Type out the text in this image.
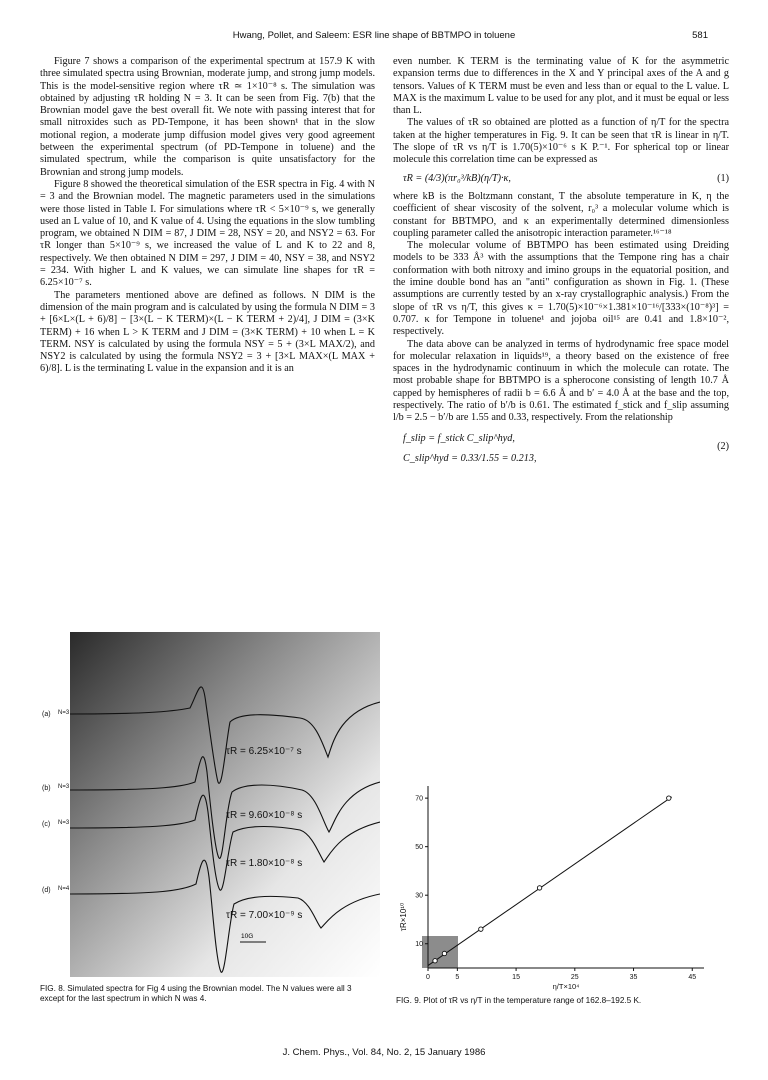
Hwang, Pollet, and Saleem: ESR line shape of BBTMPO in toluene	581

Figure 7 shows a comparison of the experimental spectrum at 157.9 K with three simulated spectra using Brownian, moderate jump, and strong jump models. This is the model-sensitive region where τR ≃ 1×10⁻⁸ s. The simulation was obtained by adjusting τR holding N = 3. It can be seen from Fig. 7(b) that the Brownian model gave the best overall fit. We note with passing interest that for small nitroxides such as PD-Tempone, it has been shown¹ that in the slow motional region, a moderate jump diffusion model gives very good agreement between the experimental spectrum (of PD-Tempone in toluene) and the simulated spectrum, while the comparison is quite unsatisfactory for the Brownian and strong jump models.

Figure 8 showed the theoretical simulation of the ESR spectra in Fig. 4 with N = 3 and the Brownian model. The magnetic parameters used in the simulations were those listed in Table I. For simulations where τR < 5×10⁻⁹ s, we generally used an L value of 10, and K value of 4. Using the equations in the slow tumbling program, we obtained N DIM = 87, J DIM = 28, NSY = 20, and NSY2 = 63. For τR longer than 5×10⁻⁹ s, we increased the value of L and K to 22 and 8, respectively. We then obtained N DIM = 297, J DIM = 40, NSY = 38, and NSY2 = 234. With higher L and K values, we can simulate line shapes for τR = 6.25×10⁻⁷ s.

The parameters mentioned above are defined as follows. N DIM is the dimension of the main program and is calculated by using the formula N DIM = 3 + [6×L×(L + 6)/8] − [3×(L − K TERM)×(L − K TERM + 2)/4], J DIM = (3×K TERM) + 16 when L > K TERM and J DIM = (3×K TERM) + 10 when L = K TERM. NSY is calculated by using the formula NSY = 5 + (3×L MAX/2), and NSY2 is calculated by using the formula NSY2 = 3 + [3×L MAX×(L MAX + 6)/8]. L is the terminating L value in the expansion and it is an

even number. K TERM is the terminating value of K for the asymmetric expansion terms due to differences in the X and Y principal axes of the A and g tensors. Values of K TERM must be even and less than or equal to the L value. L MAX is the maximum L value to be used for any plot, and it must be equal or less than L.

The values of τR so obtained are plotted as a function of η/T for the spectra taken at the higher temperatures in Fig. 9. It can be seen that τR is linear in η/T. The slope of τR vs η/T is 1.70(5)×10⁻⁶ s K P.⁻¹. For spherical top or linear molecule this correlation time can be expressed as

τR = (4/3)(πr₀³/kB)(η/T)·κ,	(1)

where kB is the Boltzmann constant, T the absolute temperature in K, η the coefficient of shear viscosity of the solvent, r₀³ a molecular volume which is constant for BBTMPO, and κ an experimentally determined dimensionless coupling parameter called the anisotropic interaction parameter.¹⁶⁻¹⁸

The molecular volume of BBTMPO has been estimated using Dreiding models to be 333 Å³ with the assumptions that the Tempone ring has a chair conformation with both nitroxy and imino groups in the equatorial position, and the imine double bond has an "anti" configuration as shown in Fig. 1. (These assumptions are currently tested by an x-ray crystallographic analysis.) From the slope of τR vs η/T, this gives κ = 1.70(5)×10⁻⁶×1.381×10⁻¹⁶/[333×(10⁻⁸)³] = 0.707. κ for Tempone in toluene¹ and jojoba oil¹⁵ are 0.41 and 1.8×10⁻², respectively.

The data above can be analyzed in terms of hydrodynamic free space model for molecular relaxation in liquids¹⁹, a theory based on the existence of free spaces in the hydrodynamic continuum in which the molecule can rotate. The most probable shape for BBTMPO is a spherocone consisting of length 10.7 Å capped by hemispheres of radii b = 6.6 Å and b′ = 4.0 Å at the base and the top, respectively. The ratio of b′/b is 0.61. The estimated f_stick and f_slip assuming l/b = 2.5 − b′/b are 1.55 and 0.33, respectively. From the relationship

f_slip = f_stick C_slip^hyd,
(2)
C_slip^hyd = 0.33/1.55 = 0.213,
(a) N=3
(b) N=3
(c) N=3
(d) N=4
τR = 6.25×10⁻⁷ s
τR = 9.60×10⁻⁸ s
τR = 1.80×10⁻⁸ s
τR = 7.00×10⁻⁹ s
10G
FIG. 8. Simulated spectra for Fig 4 using the Brownian model. The N values were all 3 except for the last spectrum in which N was 4.
0	5	15	25	35	45
10
30
50
70
η/T×10⁴
τR×10¹⁰
FIG. 9. Plot of τR vs η/T in the temperature range of 162.8–192.5 K.
J. Chem. Phys., Vol. 84, No. 2, 15 January 1986
